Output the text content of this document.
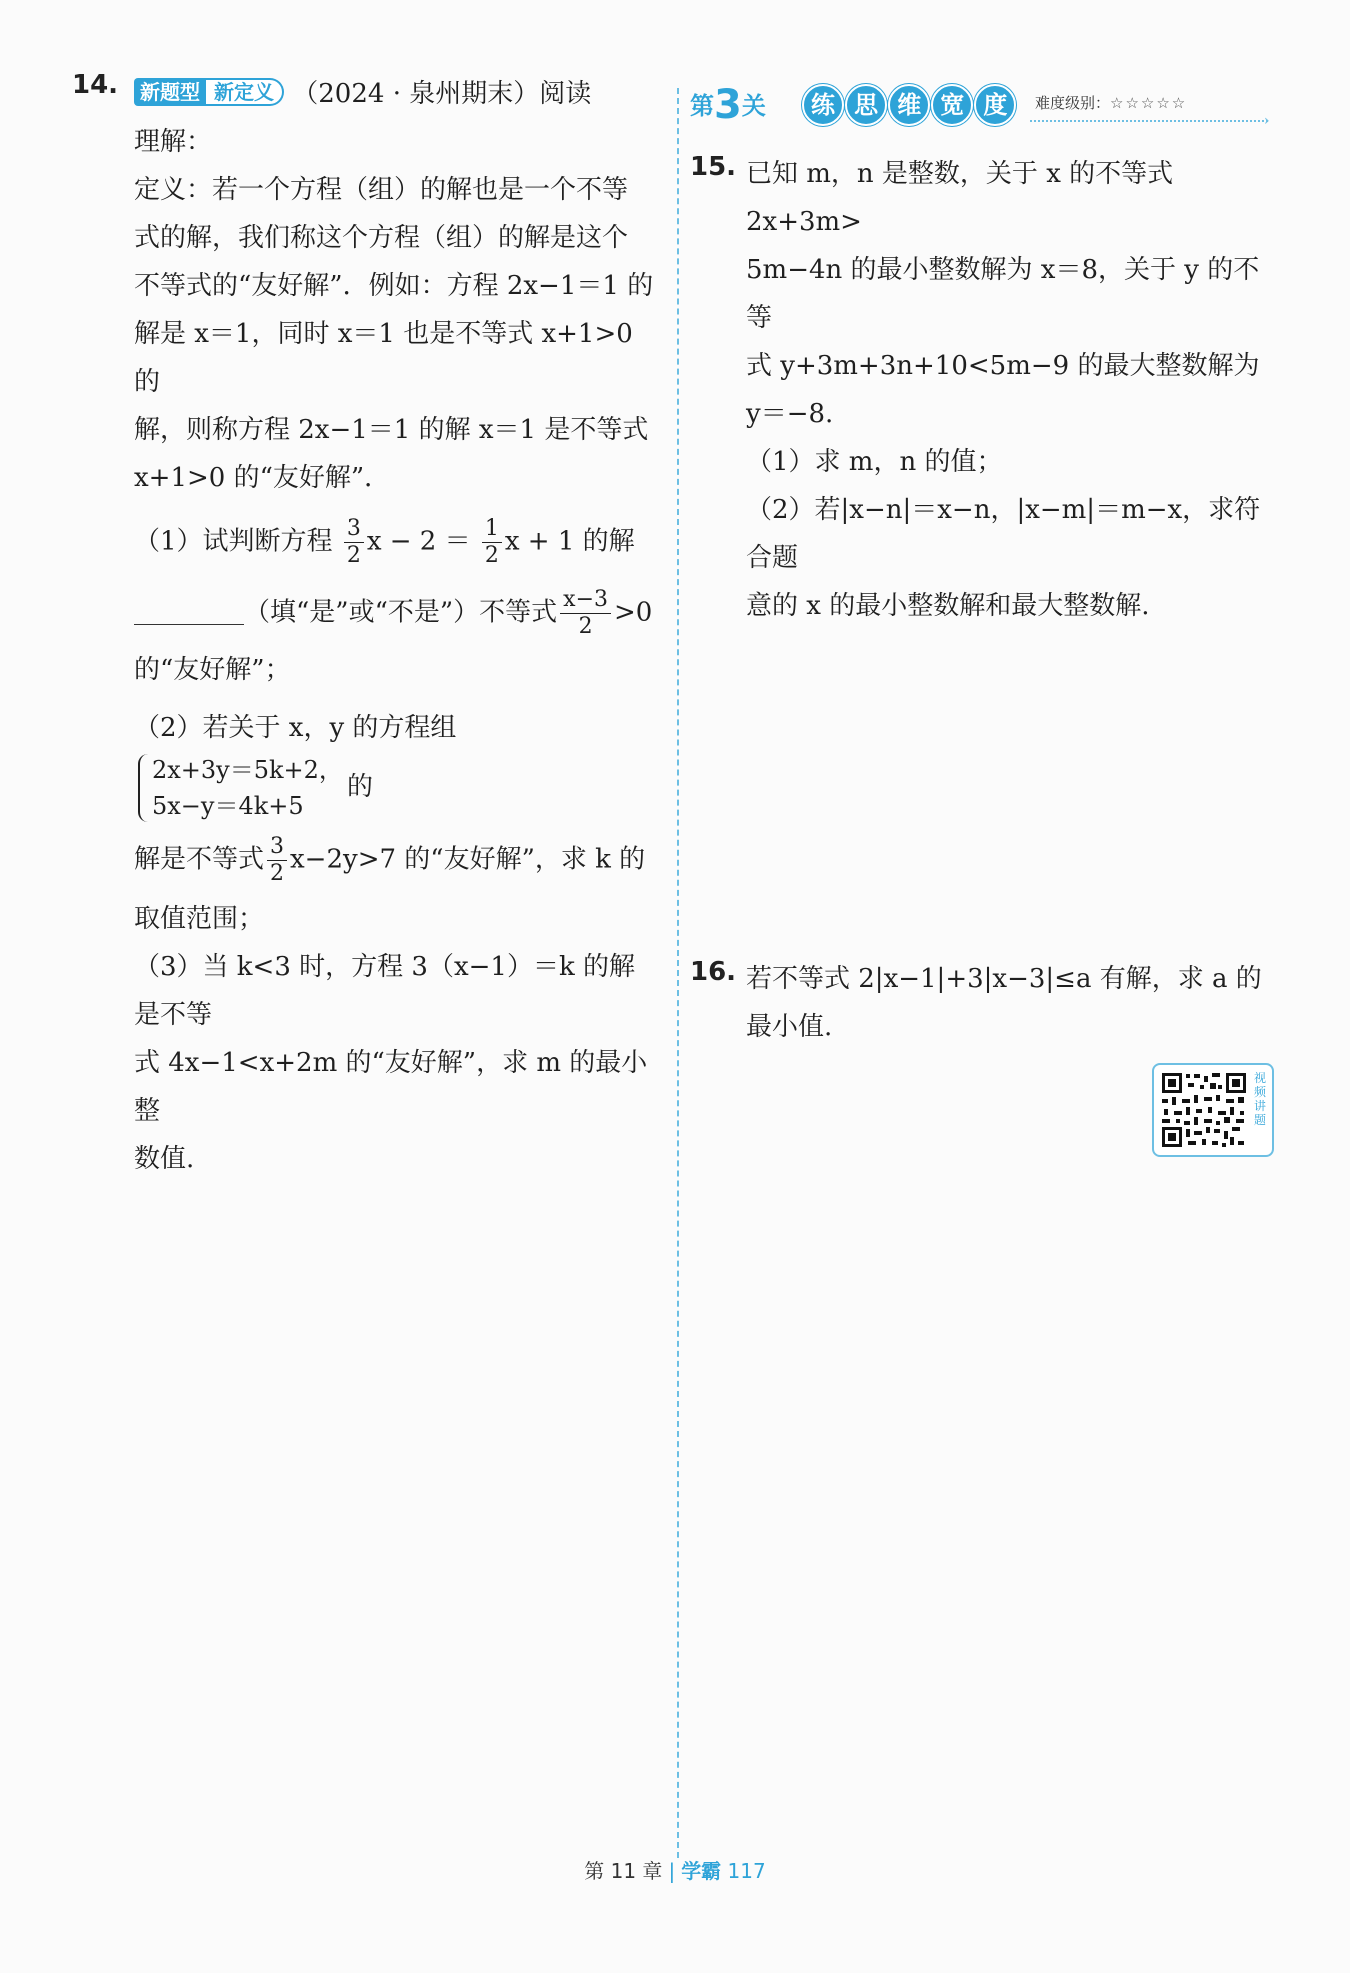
14.	新题型 新定义 （2024 · 泉州期末）阅读

理解：

定义：若一个方程（组）的解也是一个不等

式的解，我们称这个方程（组）的解是这个

不等式的“友好解”．例如：方程 2x−1＝1 的

解是 x＝1，同时 x＝1 也是不等式 x+1>0 的

解，则称方程 2x−1＝1 的解 x＝1 是不等式

x+1>0 的“友好解”．

（1）试判断方程 $\frac{3}{2}$ $x - 2 = \frac{1}{2}$ x + 1 的解

（填“是”或“不是”）不等式 $\frac{x-3}{2} >0$

的“友好解”；

（2）若关于 x，y 的方程组
2x+3y＝5k+2，
5x−y＝4k+5
的

解是不等式 $\frac{3}{2} x-2y>7$ 的“友好解”，求 k 的

取值范围；

（3）当 k<3 时，方程 3（x−1）＝k 的解是不等

式 4x−1<x+2m 的“友好解”，求 m 的最小整

数值.

第3关	练 思 维 宽 度	难度级别：☆☆☆☆☆
›
15. 已知 m，n 是整数，关于 x 的不等式 2x+3m>

5m−4n 的最小整数解为 x＝8，关于 y 的不等

式 y+3m+3n+10<5m−9 的最大整数解为

y＝−8.

（1）求 m，n 的值；

（2）若|x−n|＝x−n，|x−m|＝m−x，求符合题

意的 x 的最小整数解和最大整数解.

16. 若不等式 2|x−1|+3|x−3|≤a 有解，求 a 的

最小值.

视频讲题
第 11 章 | 学霸 117
